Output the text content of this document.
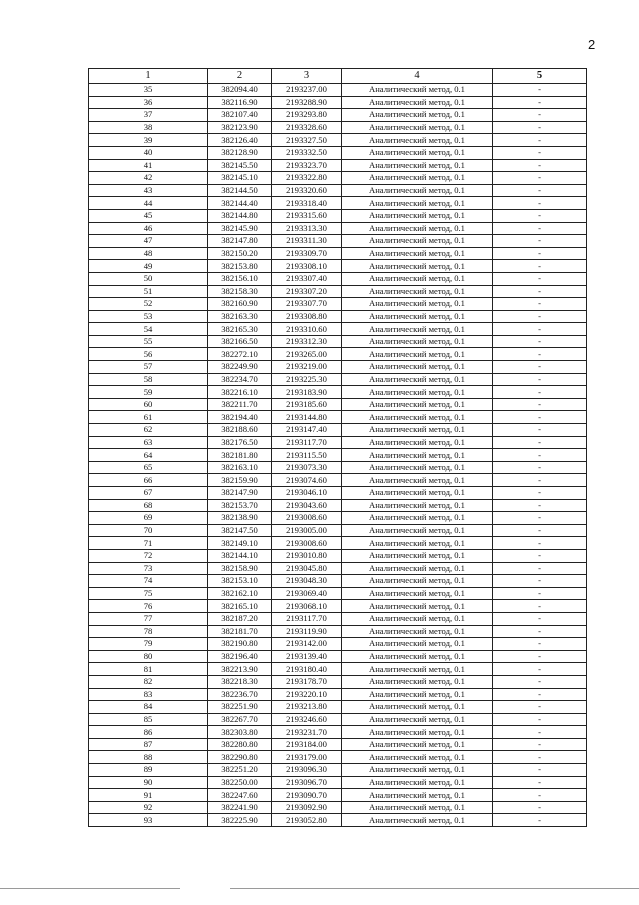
2
1	2	3	4	5
35	382094.40	2193237.00	Аналитический метод, 0.1	-
36	382116.90	2193288.90	Аналитический метод, 0.1	-
37	382107.40	2193293.80	Аналитический метод, 0.1	-
38	382123.90	2193328.60	Аналитический метод, 0.1	-
39	382126.40	2193327.50	Аналитический метод, 0.1	-
40	382128.90	2193332.50	Аналитический метод, 0.1	-
41	382145.50	2193323.70	Аналитический метод, 0.1	-
42	382145.10	2193322.80	Аналитический метод, 0.1	-
43	382144.50	2193320.60	Аналитический метод, 0.1	-
44	382144.40	2193318.40	Аналитический метод, 0.1	-
45	382144.80	2193315.60	Аналитический метод, 0.1	-
46	382145.90	2193313.30	Аналитический метод, 0.1	-
47	382147.80	2193311.30	Аналитический метод, 0.1	-
48	382150.20	2193309.70	Аналитический метод, 0.1	-
49	382153.80	2193308.10	Аналитический метод, 0.1	-
50	382156.10	2193307.40	Аналитический метод, 0.1	-
51	382158.30	2193307.20	Аналитический метод, 0.1	-
52	382160.90	2193307.70	Аналитический метод, 0.1	-
53	382163.30	2193308.80	Аналитический метод, 0.1	-
54	382165.30	2193310.60	Аналитический метод, 0.1	-
55	382166.50	2193312.30	Аналитический метод, 0.1	-
56	382272.10	2193265.00	Аналитический метод, 0.1	-
57	382249.90	2193219.00	Аналитический метод, 0.1	-
58	382234.70	2193225.30	Аналитический метод, 0.1	-
59	382216.10	2193183.90	Аналитический метод, 0.1	-
60	382211.70	2193185.60	Аналитический метод, 0.1	-
61	382194.40	2193144.80	Аналитический метод, 0.1	-
62	382188.60	2193147.40	Аналитический метод, 0.1	-
63	382176.50	2193117.70	Аналитический метод, 0.1	-
64	382181.80	2193115.50	Аналитический метод, 0.1	-
65	382163.10	2193073.30	Аналитический метод, 0.1	-
66	382159.90	2193074.60	Аналитический метод, 0.1	-
67	382147.90	2193046.10	Аналитический метод, 0.1	-
68	382153.70	2193043.60	Аналитический метод, 0.1	-
69	382138.90	2193008.60	Аналитический метод, 0.1	-
70	382147.50	2193005.00	Аналитический метод, 0.1	-
71	382149.10	2193008.60	Аналитический метод, 0.1	-
72	382144.10	2193010.80	Аналитический метод, 0.1	-
73	382158.90	2193045.80	Аналитический метод, 0.1	-
74	382153.10	2193048.30	Аналитический метод, 0.1	-
75	382162.10	2193069.40	Аналитический метод, 0.1	-
76	382165.10	2193068.10	Аналитический метод, 0.1	-
77	382187.20	2193117.70	Аналитический метод, 0.1	-
78	382181.70	2193119.90	Аналитический метод, 0.1	-
79	382190.80	2193142.00	Аналитический метод, 0.1	-
80	382196.40	2193139.40	Аналитический метод, 0.1	-
81	382213.90	2193180.40	Аналитический метод, 0.1	-
82	382218.30	2193178.70	Аналитический метод, 0.1	-
83	382236.70	2193220.10	Аналитический метод, 0.1	-
84	382251.90	2193213.80	Аналитический метод, 0.1	-
85	382267.70	2193246.60	Аналитический метод, 0.1	-
86	382303.80	2193231.70	Аналитический метод, 0.1	-
87	382280.80	2193184.00	Аналитический метод, 0.1	-
88	382290.80	2193179.00	Аналитический метод, 0.1	-
89	382251.20	2193096.30	Аналитический метод, 0.1	-
90	382250.00	2193096.70	Аналитический метод, 0.1	-
91	382247.60	2193090.70	Аналитический метод, 0.1	-
92	382241.90	2193092.90	Аналитический метод, 0.1	-
93	382225.90	2193052.80	Аналитический метод, 0.1	-
